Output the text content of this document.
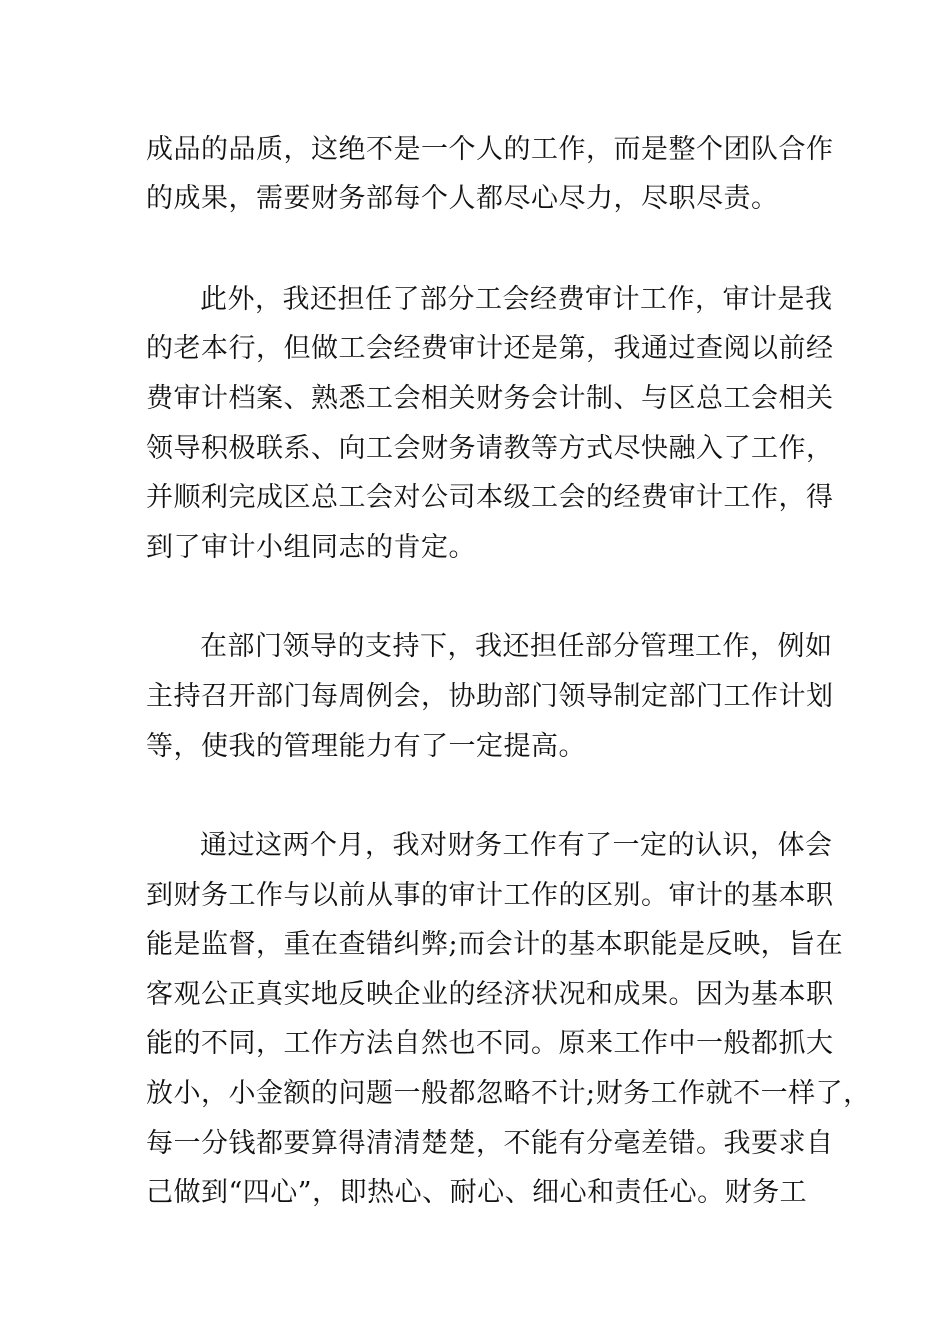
成品的品质，这绝不是一个人的工作，而是整个团队合作
的成果，需要财务部每个人都尽心尽力，尽职尽责。
此外，我还担任了部分工会经费审计工作，审计是我
的老本行，但做工会经费审计还是第，我通过查阅以前经
费审计档案、熟悉工会相关财务会计制、与区总工会相关
领导积极联系、向工会财务请教等方式尽快融入了工作，
并顺利完成区总工会对公司本级工会的经费审计工作，得
到了审计小组同志的肯定。
在部门领导的支持下，我还担任部分管理工作，例如
主持召开部门每周例会，协助部门领导制定部门工作计划
等，使我的管理能力有了一定提高。
通过这两个月，我对财务工作有了一定的认识，体会
到财务工作与以前从事的审计工作的区别。审计的基本职
能是监督，重在查错纠弊;而会计的基本职能是反映，旨在
客观公正真实地反映企业的经济状况和成果。因为基本职
能的不同，工作方法自然也不同。原来工作中一般都抓大
放小，小金额的问题一般都忽略不计;财务工作就不一样了，
每一分钱都要算得清清楚楚，不能有分毫差错。我要求自
己做到“四心”，即热心、耐心、细心和责任心。财务工
